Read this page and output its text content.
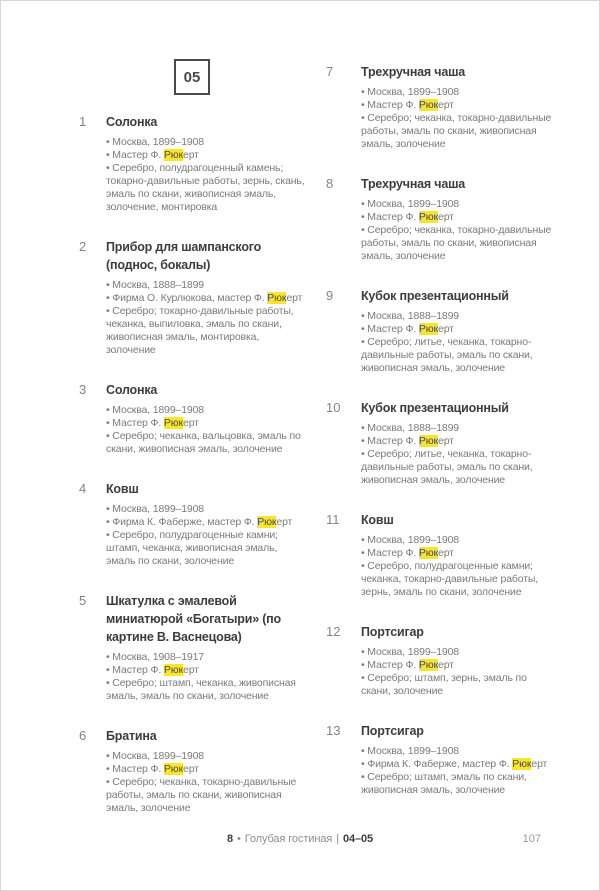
05
1	Солонка
• Москва, 1899–1908
• Мастер Ф. Рюкерт
• Серебро, полудрагоценный камень; токарно-давильные работы, зернь, скань, эмаль по скани, живописная эмаль, золочение, монтировка
2	Прибор для шампанского (поднос, бокалы)
• Москва, 1888–1899
• Фирма О. Курлюкова, мастер Ф. Рюкерт
• Серебро; токарно-давильные работы, чеканка, выпиловка, эмаль по скани, живописная эмаль, монтировка, золочение
3	Солонка
• Москва, 1899–1908
• Мастер Ф. Рюкерт
• Серебро; чеканка, вальцовка, эмаль по скани, живописная эмаль, золочение
4	Ковш
• Москва, 1899–1908
• Фирма К. Фаберже, мастер Ф. Рюкерт
• Серебро, полудрагоценные камни; штамп, чеканка, живописная эмаль, эмаль по скани, золочение
5	Шкатулка с эмалевой миниатюрой «Богатыри» (по картине В. Васнецова)
• Москва, 1908–1917
• Мастер Ф. Рюкерт
• Серебро; штамп, чеканка, живописная эмаль, эмаль по скани, золочение
6	Братина
• Москва, 1899–1908
• Мастер Ф. Рюкерт
• Серебро; чеканка, токарно-давильные работы, эмаль по скани, живописная эмаль, золочение
7	Трехручная чаша
• Москва, 1899–1908
• Мастер Ф. Рюкерт
• Серебро; чеканка, токарно-давильные работы, эмаль по скани, живописная эмаль, золочение
8	Трехручная чаша
• Москва, 1899–1908
• Мастер Ф. Рюкерт
• Серебро; чеканка, токарно-давильные работы, эмаль по скани, живописная эмаль, золочение
9	Кубок презентационный
• Москва, 1888–1899
• Мастер Ф. Рюкерт
• Серебро; литье, чеканка, токарно-давильные работы, эмаль по скани, живописная эмаль, золочение
10	Кубок презентационный
• Москва, 1888–1899
• Мастер Ф. Рюкерт
• Серебро; литье, чеканка, токарно-давильные работы, эмаль по скани, живописная эмаль, золочение
11	Ковш
• Москва, 1899–1908
• Мастер Ф. Рюкерт
• Серебро, полудрагоценные камни; чеканка, токарно-давильные работы, зернь, эмаль по скани, золочение
12	Портсигар
• Москва, 1899–1908
• Мастер Ф. Рюкерт
• Серебро; штамп, зернь, эмаль по скани, золочение
13	Портсигар
• Москва, 1899–1908
• Фирма К. Фаберже, мастер Ф. Рюкерт
• Серебро; штамп, эмаль по скани, живописная эмаль, золочение
8 • Голубая гостиная | 04–05	107
